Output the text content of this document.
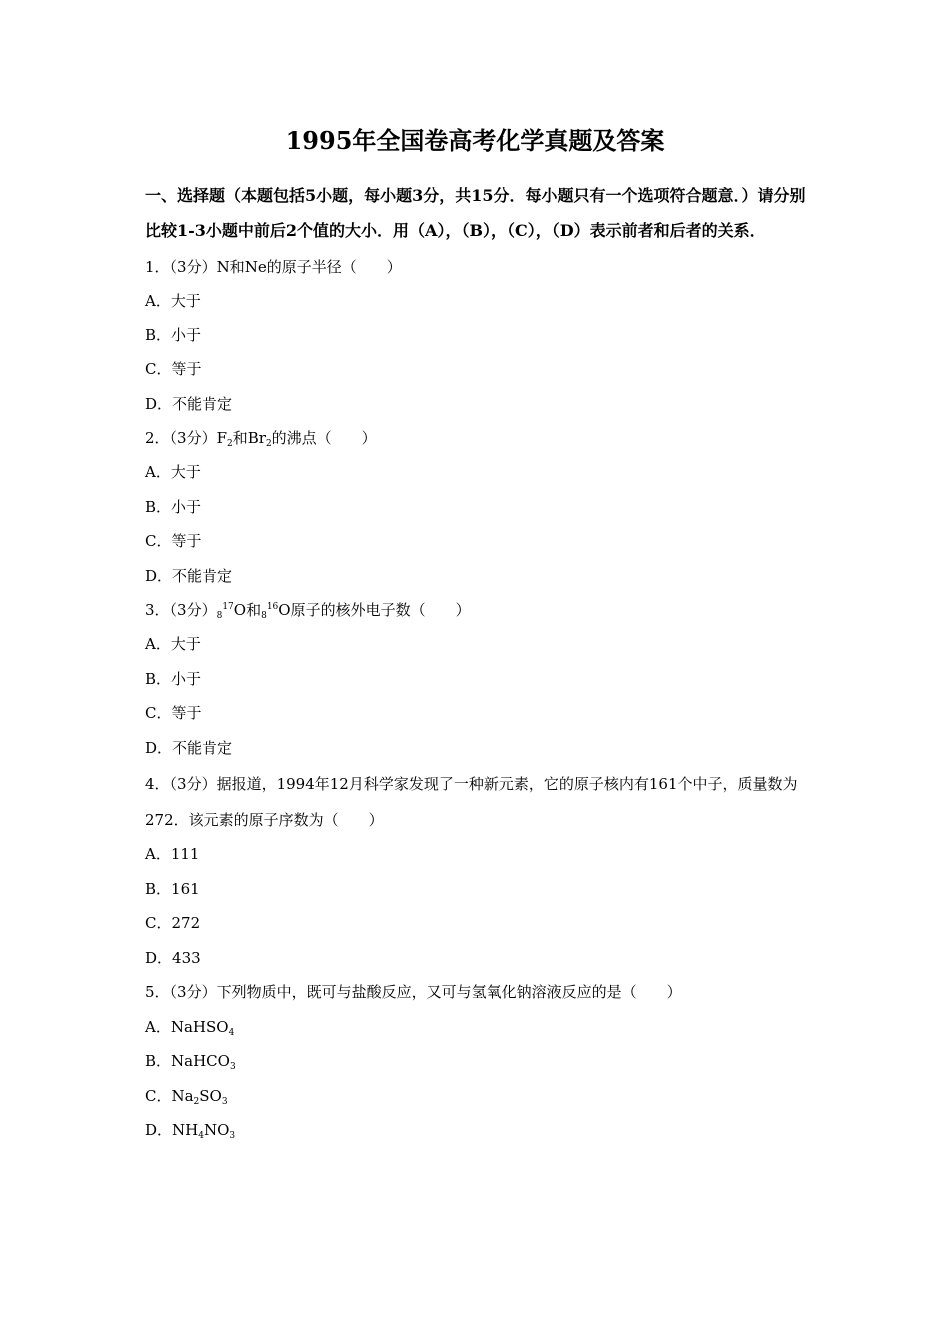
1995年全国卷高考化学真题及答案
一、选择题（本题包括5小题，每小题3分，共15分．每小题只有一个选项符合题意．）请分别比较1-3小题中前后2个值的大小．用（A），（B），（C），（D）表示前者和后者的关系．
1．（3分）N和Ne的原子半径（　　）
A．大于
B．小于
C．等于
D．不能肯定
2．（3分）$F_2$和$Br_2$的沸点（　　）
A．大于
B．小于
C．等于
D．不能肯定
3．（3分）$_8^{17}O$和$_8^{16}$O原子的核外电子数（　　）
A．大于
B．小于
C．等于
D．不能肯定
4．（3分）据报道，1994年12月科学家发现了一种新元素，它的原子核内有161个中子，质量数为272．该元素的原子序数为（　　）
A．111
B．161
C．272
D．433
5．（3分）下列物质中，既可与盐酸反应，又可与氢氧化钠溶液反应的是（　　）
A．NaHSO$_4$
B．NaHCO$_3$
C．$Na_2SO_3$
D．$NH_4NO_3$
